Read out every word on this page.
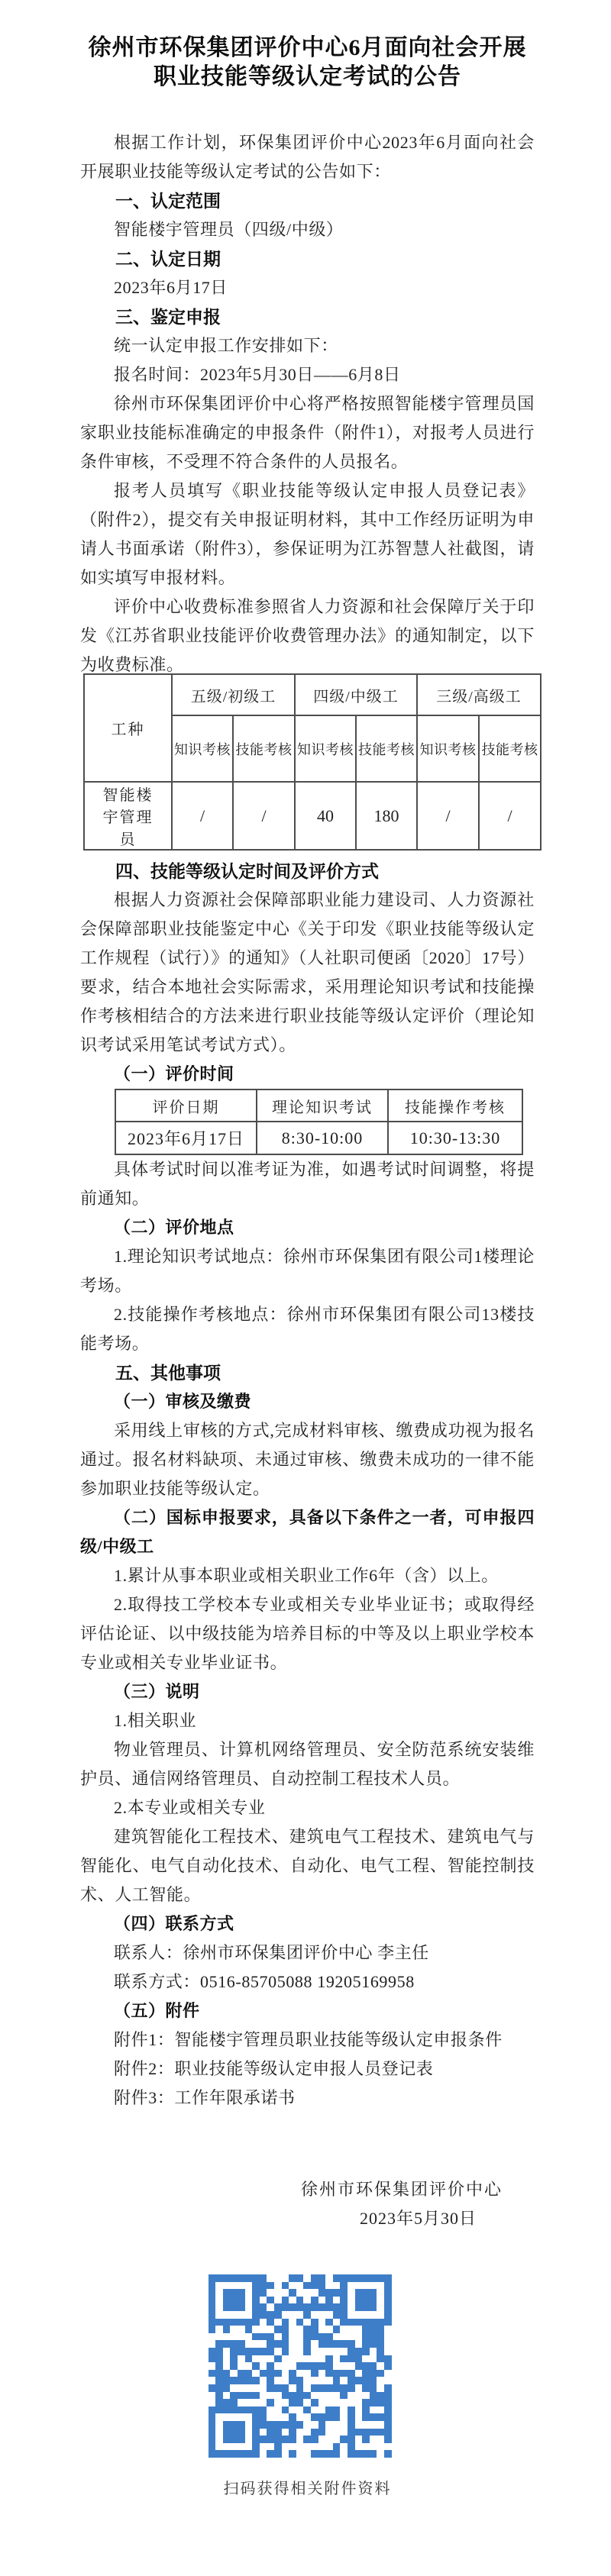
徐州市环保集团评价中心6月面向社会开展
职业技能等级认定考试的公告

根据工作计划，环保集团评价中心2023年6月面向社会开展职业技能等级认定考试的公告如下：

一、认定范围

智能楼宇管理员（四级/中级）

二、认定日期

2023年6月17日

三、鉴定申报

统一认定申报工作安排如下：

报名时间：2023年5月30日——6月8日

徐州市环保集团评价中心将严格按照智能楼宇管理员国家职业技能标准确定的申报条件（附件1），对报考人员进行条件审核，不受理不符合条件的人员报名。

报考人员填写《职业技能等级认定申报人员登记表》（附件2），提交有关申报证明材料，其中工作经历证明为申请人书面承诺（附件3），参保证明为江苏智慧人社截图，请如实填写申报材料。

评价中心收费标准参照省人力资源和社会保障厅关于印发《江苏省职业技能评价收费管理办法》的通知制定，以下为收费标准。

工种	五级/初级工		四级/中级工		三级/高级工	
	知识考核	技能考核	知识考核	技能考核	知识考核	技能考核
智能楼宇管理员	/	/	40	180	/	/

四、技能等级认定时间及评价方式

根据人力资源社会保障部职业能力建设司、人力资源社会保障部职业技能鉴定中心《关于印发《职业技能等级认定工作规程（试行）》的通知》（人社职司便函〔2020〕17号）要求，结合本地社会实际需求，采用理论知识考试和技能操作考核相结合的方法来进行职业技能等级认定评价（理论知识考试采用笔试考试方式）。

（一）评价时间

评价日期	理论知识考试	技能操作考核
2023年6月17日	8:30-10:00	10:30-13:30

具体考试时间以准考证为准，如遇考试时间调整，将提前通知。

（二）评价地点

1.理论知识考试地点：徐州市环保集团有限公司1楼理论考场。

2.技能操作考核地点：徐州市环保集团有限公司13楼技能考场。

五、其他事项

（一）审核及缴费

采用线上审核的方式,完成材料审核、缴费成功视为报名通过。报名材料缺项、未通过审核、缴费未成功的一律不能参加职业技能等级认定。

（二）国标申报要求，具备以下条件之一者，可申报四级/中级工

1.累计从事本职业或相关职业工作6年（含）以上。

2.取得技工学校本专业或相关专业毕业证书；或取得经评估论证、以中级技能为培养目标的中等及以上职业学校本专业或相关专业毕业证书。

（三）说明

1.相关职业

物业管理员、计算机网络管理员、安全防范系统安装维护员、通信网络管理员、自动控制工程技术人员。

2.本专业或相关专业

建筑智能化工程技术、建筑电气工程技术、建筑电气与智能化、电气自动化技术、自动化、电气工程、智能控制技术、人工智能。

（四）联系方式

联系人：徐州市环保集团评价中心 李主任

联系方式：0516-85705088 19205169958

（五）附件

附件1：智能楼宇管理员职业技能等级认定申报条件

附件2：职业技能等级认定申报人员登记表

附件3：工作年限承诺书

徐州市环保集团评价中心
2023年5月30日
扫码获得相关附件资料
